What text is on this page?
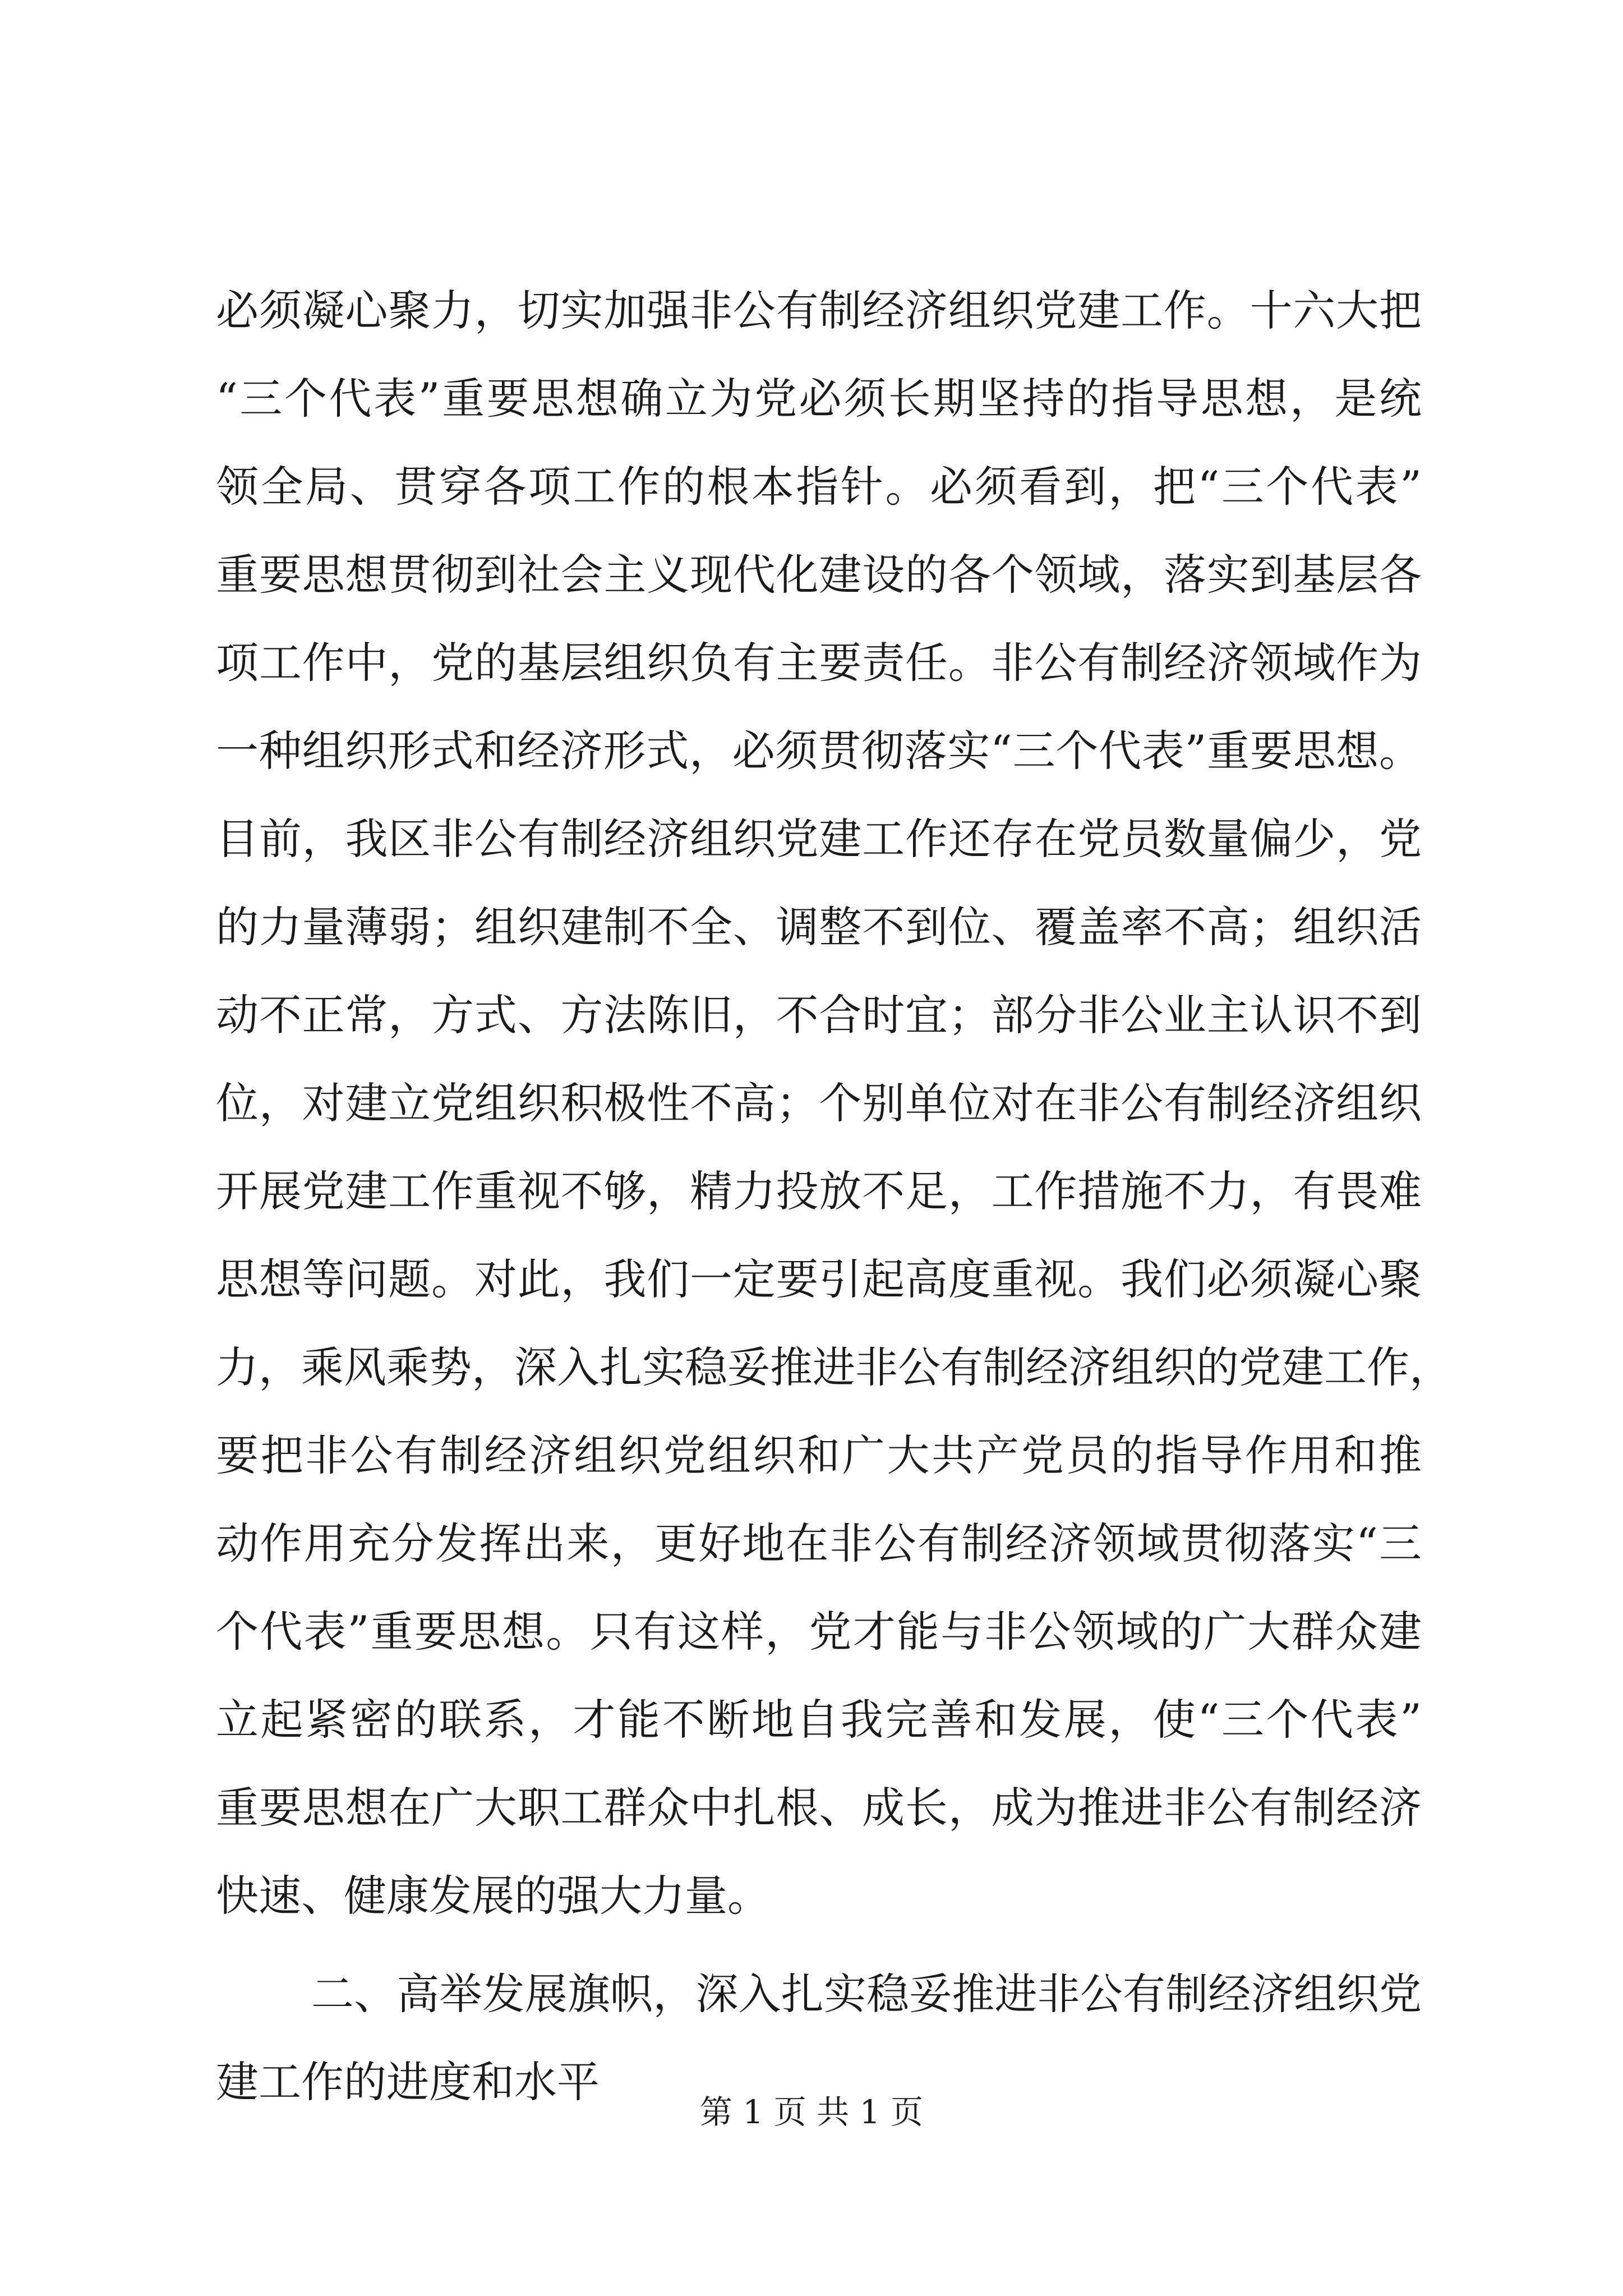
必须凝心聚力，切实加强非公有制经济组织党建工作。十六大把
“三个代表”重要思想确立为党必须长期坚持的指导思想，是统
领全局、贯穿各项工作的根本指针。必须看到，把“三个代表”
重要思想贯彻到社会主义现代化建设的各个领域，落实到基层各
项工作中，党的基层组织负有主要责任。非公有制经济领域作为
一种组织形式和经济形式，必须贯彻落实“三个代表”重要思想。
目前，我区非公有制经济组织党建工作还存在党员数量偏少，党
的力量薄弱；组织建制不全、调整不到位、覆盖率不高；组织活
动不正常，方式、方法陈旧，不合时宜；部分非公业主认识不到
位，对建立党组织积极性不高；个别单位对在非公有制经济组织
开展党建工作重视不够，精力投放不足，工作措施不力，有畏难
思想等问题。对此，我们一定要引起高度重视。我们必须凝心聚
力，乘风乘势，深入扎实稳妥推进非公有制经济组织的党建工作，
要把非公有制经济组织党组织和广大共产党员的指导作用和推
动作用充分发挥出来，更好地在非公有制经济领域贯彻落实“三
个代表”重要思想。只有这样，党才能与非公领域的广大群众建
立起紧密的联系，才能不断地自我完善和发展，使“三个代表”
重要思想在广大职工群众中扎根、成长，成为推进非公有制经济
快速、健康发展的强大力量。
二、高举发展旗帜，深入扎实稳妥推进非公有制经济组织党
建工作的进度和水平
第 1 页 共 1 页
